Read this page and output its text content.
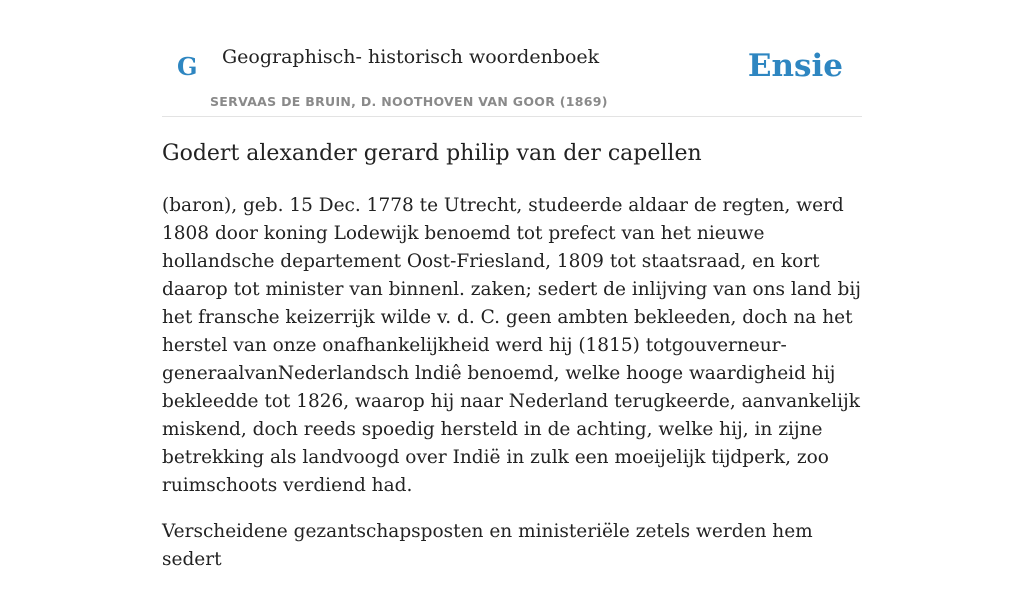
G Geographisch- historisch woordenboek
SERVAAS DE BRUIN, D. NOOTHOVEN VAN GOOR (1869)
Ensie
Godert alexander gerard philip van der capellen

(baron), geb. 15 Dec. 1778 te Utrecht, studeerde aldaar de regten, werd 1808 door koning Lodewijk benoemd tot prefect van het nieuwe hollandsche departement Oost-Friesland, 1809 tot staatsraad, en kort daarop tot minister van binnenl. zaken; sedert de inlijving van ons land bij het fransche keizerrijk wilde v. d. C. geen ambten bekleeden, doch na het herstel van onze onafhankelijkheid werd hij (1815) totgouverneur-generaalvanNederlandsch lndiê benoemd, welke hooge waardigheid hij bekleedde tot 1826, waarop hij naar Nederland terugkeerde, aanvankelijk miskend, doch reeds spoedig hersteld in de achting, welke hij, in zijne betrekking als landvoogd over Indië in zulk een moeijelijk tijdperk, zoo ruimschoots verdiend had.

Verscheidene gezantschapsposten en ministeriële zetels werden hem sedert
